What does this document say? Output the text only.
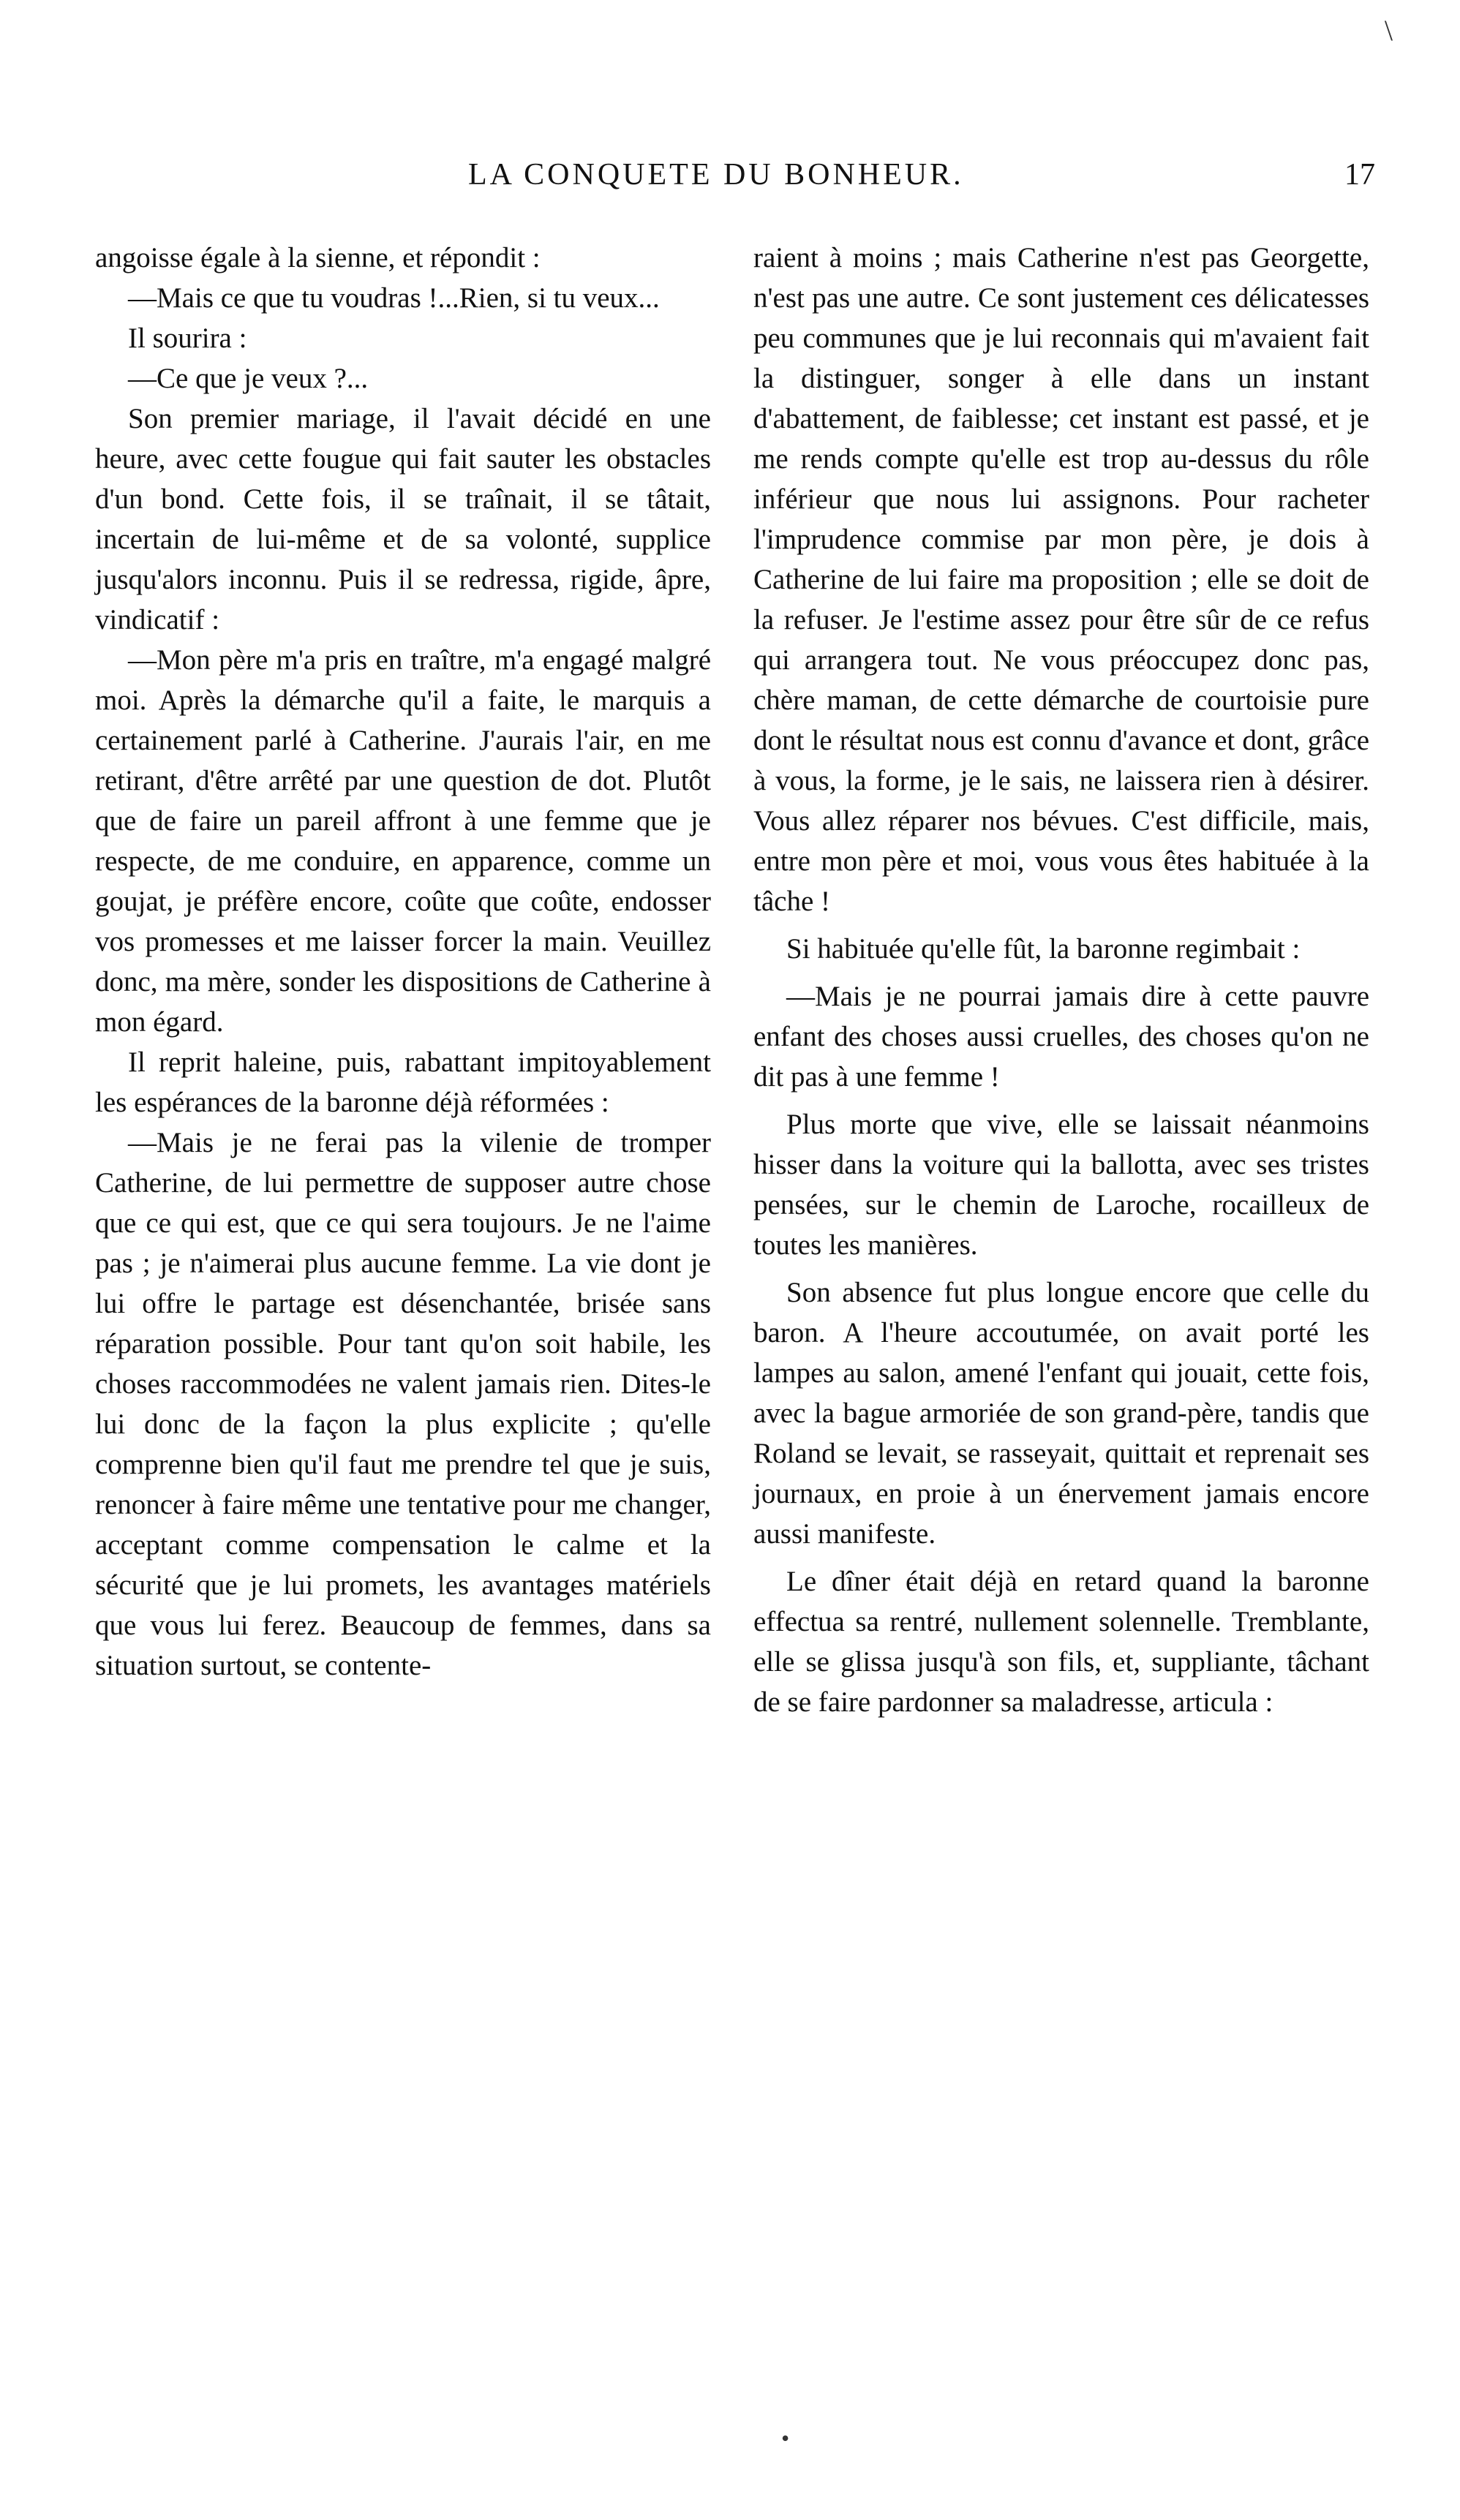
\
LA CONQUETE DU BONHEUR.	17

angoisse égale à la sienne, et répondit :

—Mais ce que tu voudras !...Rien, si tu veux...

Il sourira :

—Ce que je veux ?...

Son premier mariage, il l'avait décidé en une heure, avec cette fougue qui fait sauter les obstacles d'un bond. Cette fois, il se traînait, il se tâtait, incertain de lui-même et de sa volonté, supplice jusqu'alors inconnu. Puis il se redressa, rigide, âpre, vindicatif :

—Mon père m'a pris en traître, m'a engagé malgré moi. Après la démarche qu'il a faite, le marquis a certainement parlé à Catherine. J'aurais l'air, en me retirant, d'être arrêté par une question de dot. Plutôt que de faire un pareil affront à une femme que je respecte, de me conduire, en apparence, comme un goujat, je préfère encore, coûte que coûte, endosser vos promesses et me laisser forcer la main. Veuillez donc, ma mère, sonder les dispositions de Catherine à mon égard.

Il reprit haleine, puis, rabattant impitoyablement les espérances de la baronne déjà réformées :

—Mais je ne ferai pas la vilenie de tromper Catherine, de lui permettre de supposer autre chose que ce qui est, que ce qui sera toujours. Je ne l'aime pas ; je n'aimerai plus aucune femme. La vie dont je lui offre le partage est désenchantée, brisée sans réparation possible. Pour tant qu'on soit habile, les choses raccommodées ne valent jamais rien. Dites-le lui donc de la façon la plus explicite ; qu'elle comprenne bien qu'il faut me prendre tel que je suis, renoncer à faire même une tentative pour me changer, acceptant comme compensation le calme et la sécurité que je lui promets, les avantages matériels que vous lui ferez. Beaucoup de femmes, dans sa situation surtout, se contente-

raient à moins ; mais Catherine n'est pas Georgette, n'est pas une autre. Ce sont justement ces délicatesses peu communes que je lui reconnais qui m'avaient fait la distinguer, songer à elle dans un instant d'abattement, de faiblesse; cet instant est passé, et je me rends compte qu'elle est trop au-dessus du rôle inférieur que nous lui assignons. Pour racheter l'imprudence commise par mon père, je dois à Catherine de lui faire ma proposition ; elle se doit de la refuser. Je l'estime assez pour être sûr de ce refus qui arrangera tout. Ne vous préoccupez donc pas, chère maman, de cette démarche de courtoisie pure dont le résultat nous est connu d'avance et dont, grâce à vous, la forme, je le sais, ne laissera rien à désirer. Vous allez réparer nos bévues. C'est difficile, mais, entre mon père et moi, vous vous êtes habituée à la tâche !

Si habituée qu'elle fût, la baronne regimbait :

—Mais je ne pourrai jamais dire à cette pauvre enfant des choses aussi cruelles, des choses qu'on ne dit pas à une femme !

Plus morte que vive, elle se laissait néanmoins hisser dans la voiture qui la ballotta, avec ses tristes pensées, sur le chemin de Laroche, rocailleux de toutes les manières.

Son absence fut plus longue encore que celle du baron. A l'heure accoutumée, on avait porté les lampes au salon, amené l'enfant qui jouait, cette fois, avec la bague armoriée de son grand-père, tandis que Roland se levait, se rasseyait, quittait et reprenait ses journaux, en proie à un énervement jamais encore aussi manifeste.

Le dîner était déjà en retard quand la baronne effectua sa rentré, nullement solennelle. Tremblante, elle se glissa jusqu'à son fils, et, suppliante, tâchant de se faire pardonner sa maladresse, articula :

•
